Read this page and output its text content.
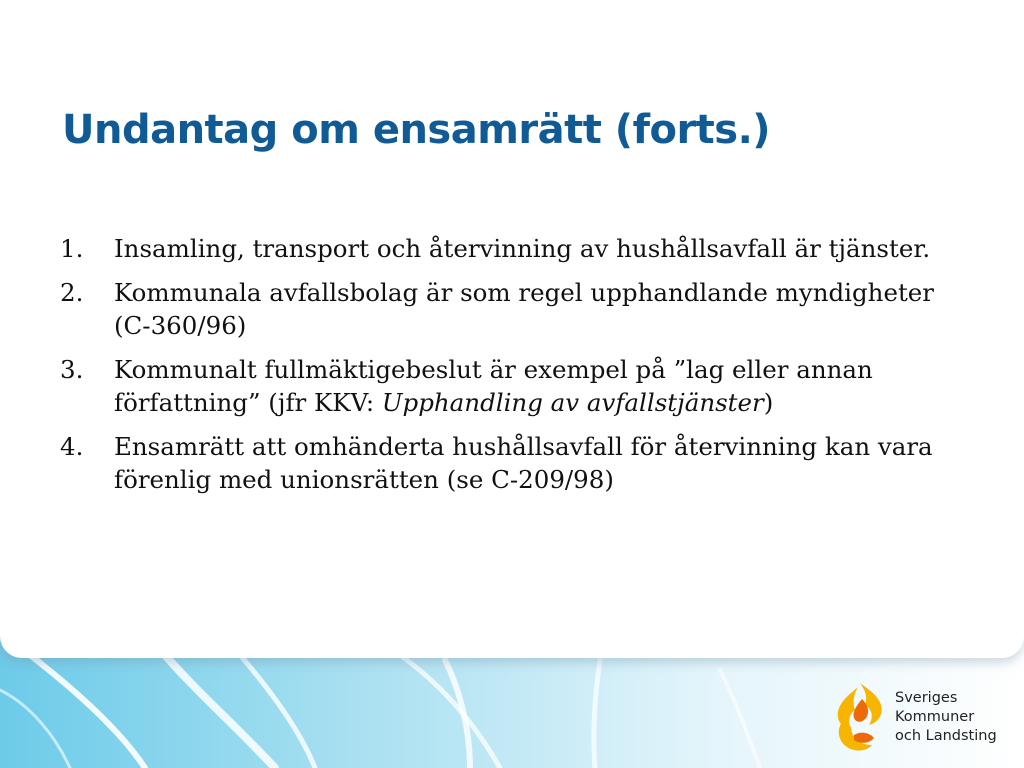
Undantag om ensamrätt (forts.)
1. Insamling, transport och återvinning av hushållsavfall är tjänster.
2. Kommunala avfallsbolag är som regel upphandlande myndigheter (C-360/96)
3. Kommunalt fullmäktigebeslut är exempel på ”lag eller annan författning” (jfr KKV: Upphandling av avfallstjänster)
4. Ensamrätt att omhänderta hushållsavfall för återvinning kan vara förenlig med unionsrätten (se C-209/98)
Sveriges
Kommuner
och Landsting
